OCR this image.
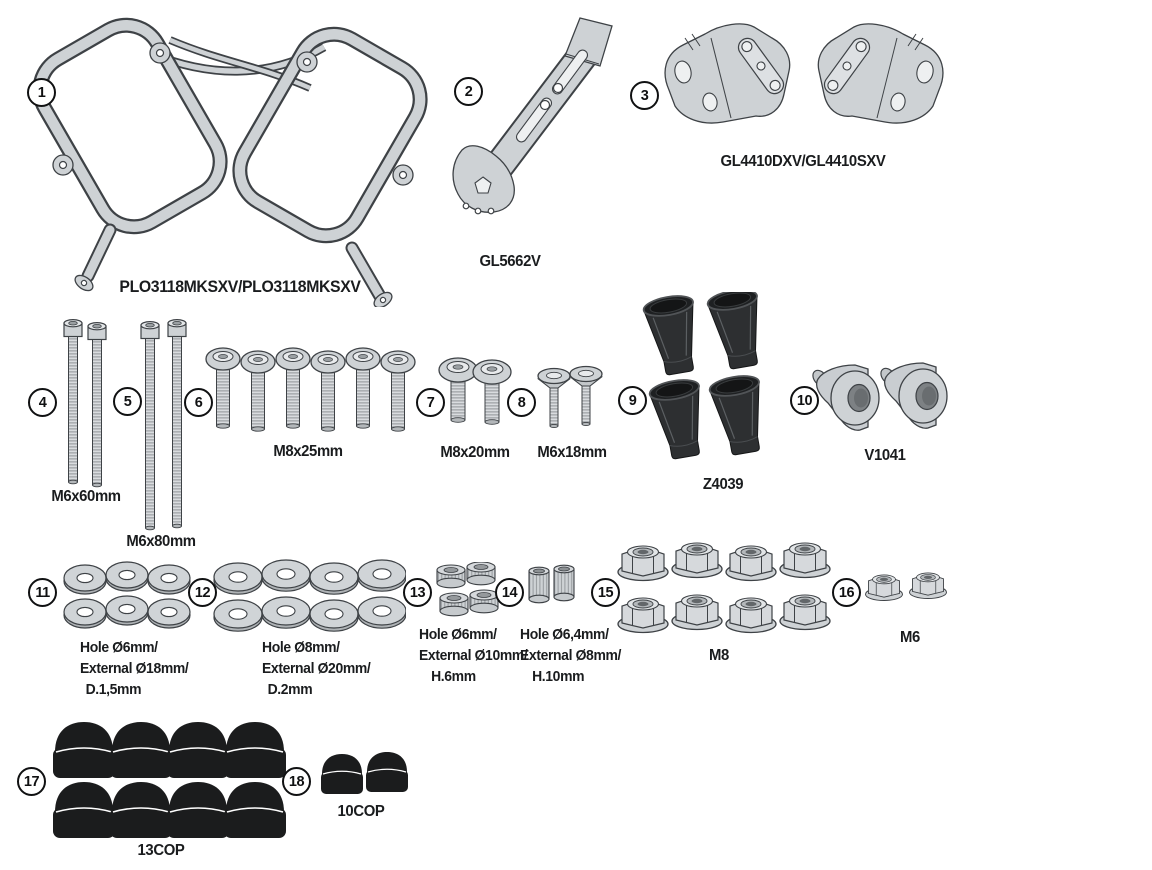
1
PLO3118MKSXV/PLO3118MKSXV
2
GL5662V
3
GL4410DXV/GL4410SXV
4
M6x60mm
5
M6x80mm
6
M8x25mm
7
M8x20mm
8
M6x18mm
9
Z4039
10
V1041
11
Hole Ø6mm/
External Ø18mm/
D.1,5mm
12
Hole Ø8mm/
External Ø20mm/
D.2mm
13
Hole Ø6mm/
External Ø10mm/
H.6mm
14
Hole Ø6,4mm/
External Ø8mm/
H.10mm
15
M8
16
M6
17
13COP
18
10COP
